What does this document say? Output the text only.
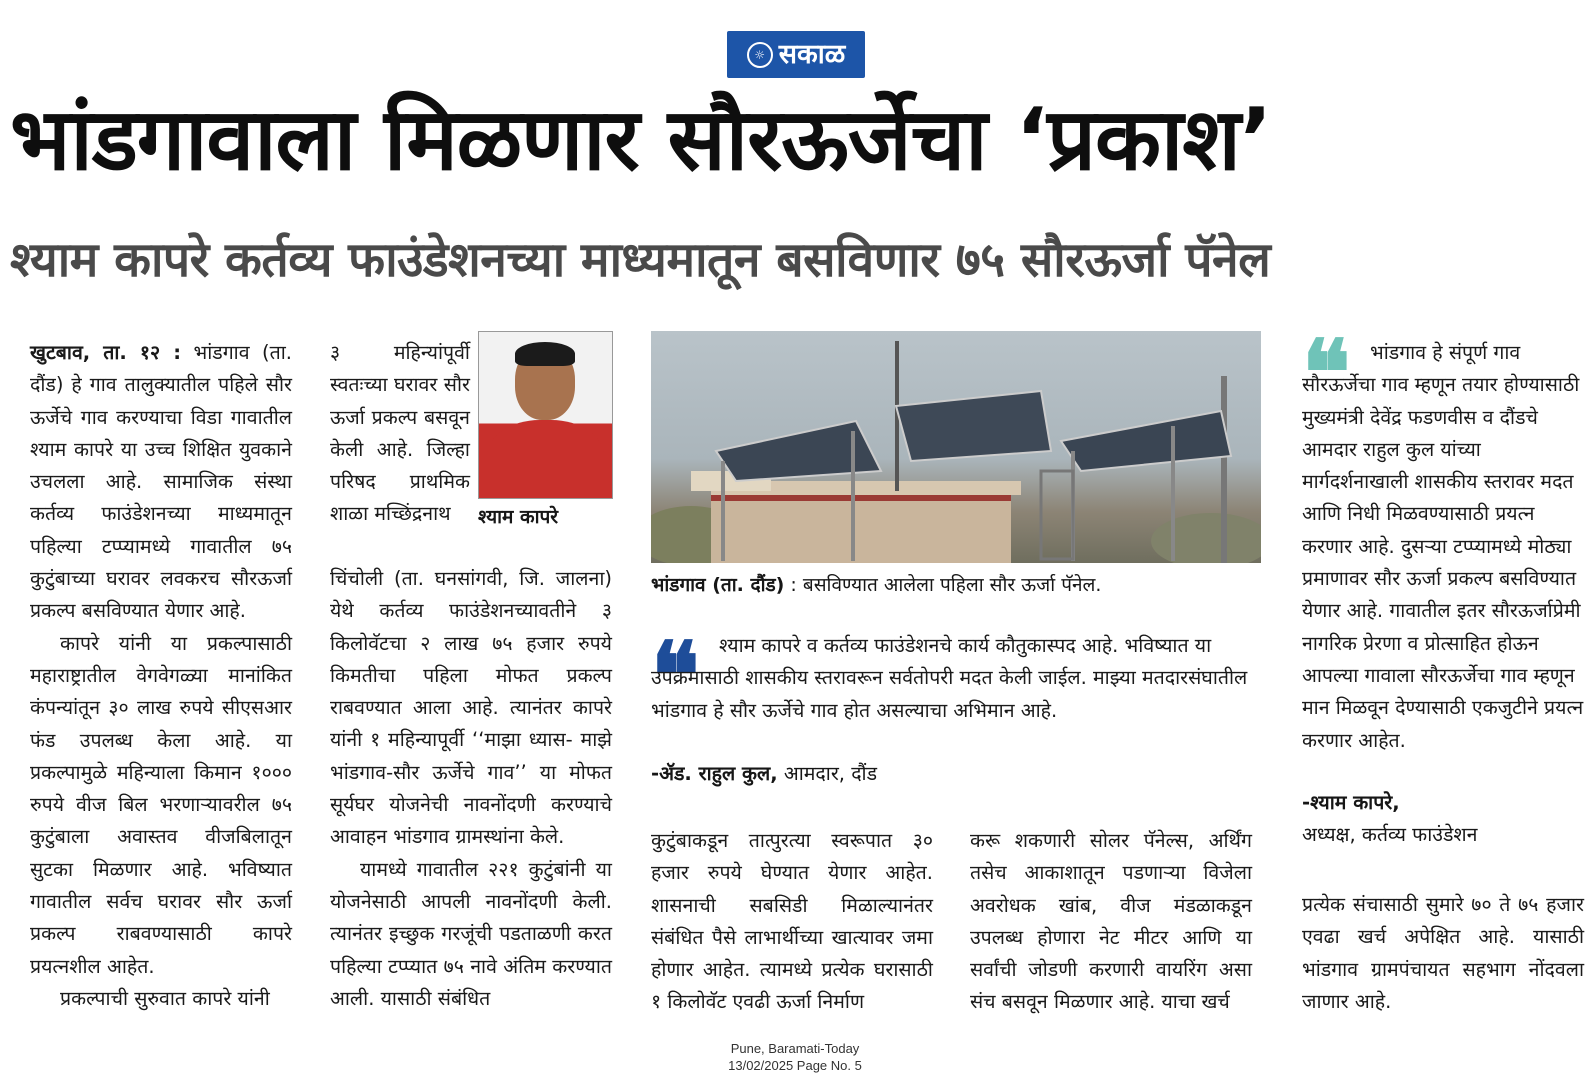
☼ सकाळ
भांडगावाला मिळणार सौरऊर्जेचा ‘प्रकाश’
श्याम कापरे कर्तव्य फाउंडेशनच्या माध्यमातून बसविणार ७५ सौरऊर्जा पॅनेल

खुटबाव, ता. १२ : भांडगाव (ता. दौंड) हे गाव तालुक्यातील पहिले सौर ऊर्जेचे गाव करण्याचा विडा गावातील श्याम कापरे या उच्च शिक्षित युवकाने उचलला आहे. सामाजिक संस्था कर्तव्य फाउंडेशनच्या माध्यमातून पहिल्या टप्प्यामध्ये गावातील ७५ कुटुंबाच्या घरावर लवकरच सौरऊर्जा प्रकल्प बसविण्यात येणार आहे.

कापरे यांनी या प्रकल्पासाठी महाराष्ट्रातील वेगवेगळ्या मानांकित कंपन्यांतून ३० लाख रुपये सीएसआर फंड उपलब्ध केला आहे. या प्रकल्पामुळे महिन्याला किमान १००० रुपये वीज बिल भरणाऱ्यावरील ७५ कुटुंबाला अवास्तव वीजबिलातून सुटका मिळणार आहे. भविष्यात गावातील सर्वच घरावर सौर ऊर्जा प्रकल्प राबवण्यासाठी कापरे प्रयत्नशील आहेत.

प्रकल्पाची सुरुवात कापरे यांनी

३ महिन्यांपूर्वी स्वतःच्या घरावर सौर ऊर्जा प्रकल्प बसवून केली आहे. जिल्हा परिषद प्राथमिक शाळा मच्छिंद्रनाथ	श्याम कापरे

चिंचोली (ता. घनसांगवी, जि. जालना) येथे कर्तव्य फाउंडेशनच्यावतीने ३ किलोवॅटचा २ लाख ७५ हजार रुपये किमतीचा पहिला मोफत प्रकल्प राबवण्यात आला आहे. त्यानंतर कापरे यांनी १ महिन्यापूर्वी ‘‘माझा ध्यास- माझे भांडगाव-सौर ऊर्जेचे गाव’’ या मोफत सूर्यघर योजनेची नावनोंदणी करण्याचे आवाहन भांडगाव ग्रामस्थांना केले.

यामध्ये गावातील २२१ कुटुंबांनी या योजनेसाठी आपली नावनोंदणी केली. त्यानंतर इच्छुक गरजूंची पडताळणी करत पहिल्या टप्प्यात ७५ नावे अंतिम करण्यात आली. यासाठी संबंधित

भांडगाव (ता. दौंड) : बसविण्यात आलेला पहिला सौर ऊर्जा पॅनेल.
❝	श्याम कापरे व कर्तव्य फाउंडेशनचे कार्य कौतुकास्पद आहे. भविष्यात या उपक्रमासाठी शासकीय स्तरावरून सर्वतोपरी मदत केली जाईल. माझ्या मतदारसंघातील भांडगाव हे सौर ऊर्जेचे गाव होत असल्याचा अभिमान आहे.
-ॲड. राहुल कुल, आमदार, दौंड

कुटुंबाकडून तात्पुरत्या स्वरूपात ३० हजार रुपये घेण्यात येणार आहेत. शासनाची सबसिडी मिळाल्यानंतर संबंधित पैसे लाभार्थीच्या खात्यावर जमा होणार आहेत. त्यामध्ये प्रत्येक घरासाठी १ किलोवॅट एवढी ऊर्जा निर्माण

करू शकणारी सोलर पॅनेल्स, अर्थिंग तसेच आकाशातून पडणाऱ्या विजेला अवरोधक खांब, वीज मंडळाकडून उपलब्ध होणारा नेट मीटर आणि या सर्वांची जोडणी करणारी वायरिंग असा संच बसवून मिळणार आहे. याचा खर्च

❝	भांडगाव हे संपूर्ण गाव सौरऊर्जेचा गाव म्हणून तयार होण्यासाठी मुख्यमंत्री देवेंद्र फडणवीस व दौंडचे आमदार राहुल कुल यांच्या मार्गदर्शनाखाली शासकीय स्तरावर मदत आणि निधी मिळवण्यासाठी प्रयत्न करणार आहे. दुसऱ्या टप्प्यामध्ये मोठ्या प्रमाणावर सौर ऊर्जा प्रकल्प बसविण्यात येणार आहे. गावातील इतर सौरऊर्जाप्रेमी नागरिक प्रेरणा व प्रोत्साहित होऊन आपल्या गावाला सौरऊर्जेचा गाव म्हणून मान मिळवून देण्यासाठी एकजुटीने प्रयत्न करणार आहेत.
-श्याम कापरे,
अध्यक्ष, कर्तव्य फाउंडेशन

प्रत्येक संचासाठी सुमारे ७० ते ७५ हजार एवढा खर्च अपेक्षित आहे. यासाठी भांडगाव ग्रामपंचायत सहभाग नोंदवला जाणार आहे.

Pune, Baramati-Today
13/02/2025 Page No. 5
